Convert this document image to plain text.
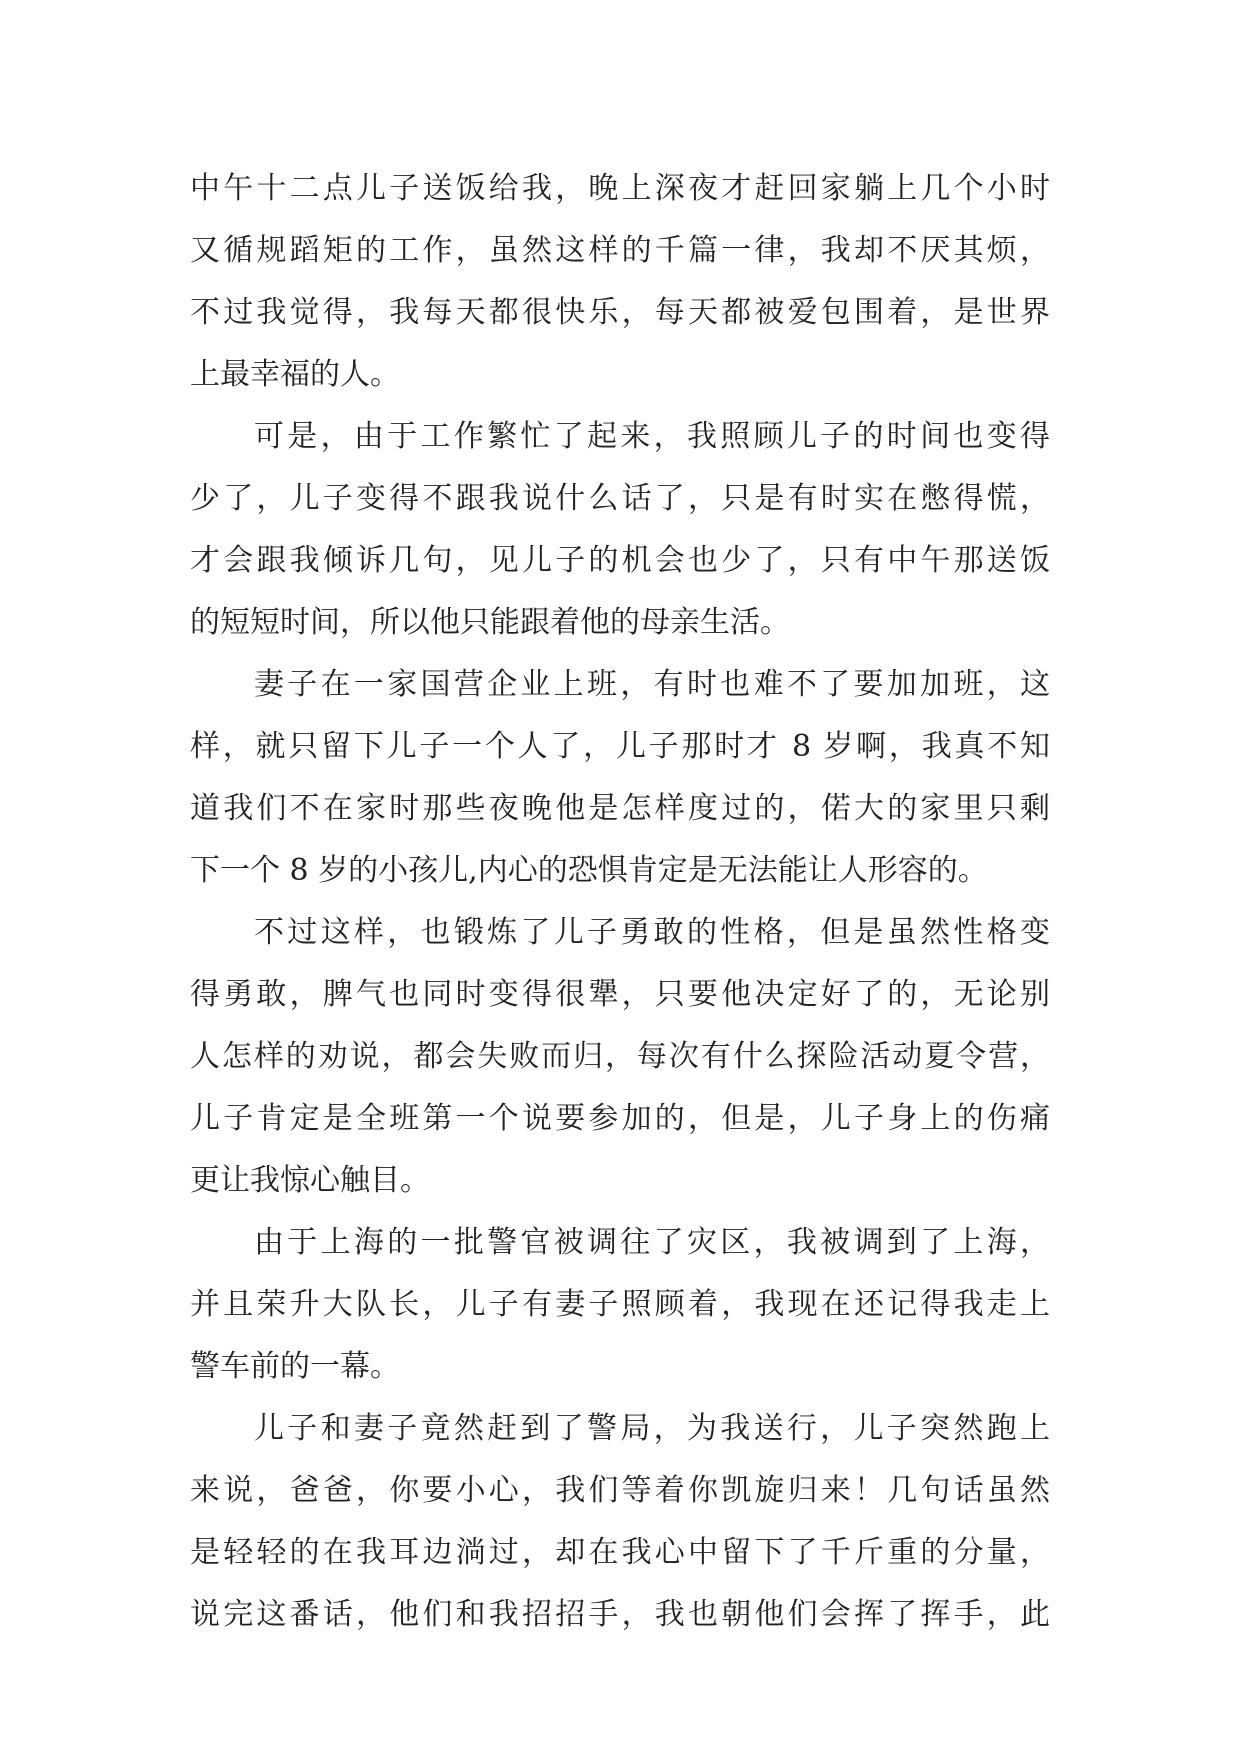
中午十二点儿子送饭给我，晚上深夜才赶回家躺上几个小时
又循规蹈矩的工作，虽然这样的千篇一律，我却不厌其烦，
不过我觉得，我每天都很快乐，每天都被爱包围着，是世界
上最幸福的人。
可是，由于工作繁忙了起来，我照顾儿子的时间也变得
少了，儿子变得不跟我说什么话了，只是有时实在憋得慌，
才会跟我倾诉几句，见儿子的机会也少了，只有中午那送饭
的短短时间，所以他只能跟着他的母亲生活。
妻子在一家国营企业上班，有时也难不了要加加班，这
样，就只留下儿子一个人了，儿子那时才 8 岁啊，我真不知
道我们不在家时那些夜晚他是怎样度过的，偌大的家里只剩
下一个 8 岁的小孩儿,内心的恐惧肯定是无法能让人形容的。
不过这样，也锻炼了儿子勇敢的性格，但是虽然性格变
得勇敢，脾气也同时变得很犟，只要他决定好了的，无论别
人怎样的劝说，都会失败而归，每次有什么探险活动夏令营，
儿子肯定是全班第一个说要参加的，但是，儿子身上的伤痛
更让我惊心触目。
由于上海的一批警官被调往了灾区，我被调到了上海，
并且荣升大队长，儿子有妻子照顾着，我现在还记得我走上
警车前的一幕。
儿子和妻子竟然赶到了警局，为我送行，儿子突然跑上
来说，爸爸，你要小心，我们等着你凯旋归来！几句话虽然
是轻轻的在我耳边淌过，却在我心中留下了千斤重的分量，
说完这番话，他们和我招招手，我也朝他们会挥了挥手，此
